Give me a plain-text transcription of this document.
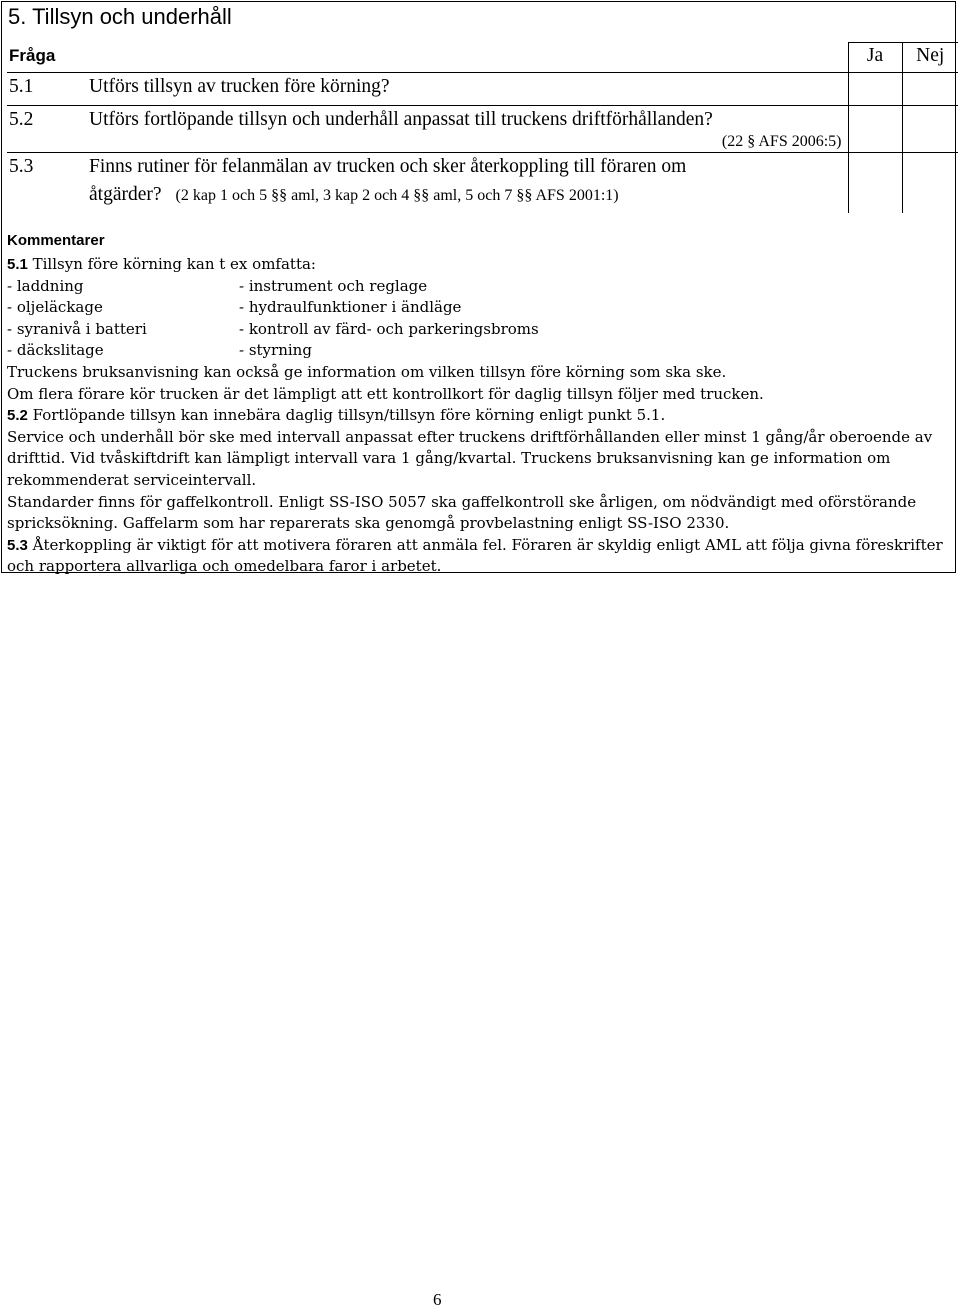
5. Tillsyn och underhåll
Fråga	Ja	Nej

5.1 Utförs tillsyn av trucken före körning?		

5.2 Utförs fortlöpande tillsyn och underhåll anpassat till truckens driftförhållanden?
(22 § AFS 2006:5)		

5.3 Finns rutiner för felanmälan av trucken och sker återkoppling till föraren om
åtgärder? (2 kap 1 och 5 §§ aml, 3 kap 2 och 4 §§ aml, 5 och 7 §§ AFS 2001:1)		

Kommentarer
5.1 Tillsyn före körning kan t ex omfatta:
- laddning	- instrument och reglage
- oljeläckage	- hydraulfunktioner i ändläge
- syranivå i batteri	- kontroll av färd- och parkeringsbroms
- däckslitage	- styrning
Truckens bruksanvisning kan också ge information om vilken tillsyn före körning som ska ske.
Om flera förare kör trucken är det lämpligt att ett kontrollkort för daglig tillsyn följer med trucken.
5.2 Fortlöpande tillsyn kan innebära daglig tillsyn/tillsyn före körning enligt punkt 5.1.
Service och underhåll bör ske med intervall anpassat efter truckens driftförhållanden eller minst 1 gång/år oberoende av drifttid. Vid tvåskiftdrift kan lämpligt intervall vara 1 gång/kvartal. Truckens bruksanvisning kan ge information om rekommenderat serviceintervall.
Standarder finns för gaffelkontroll. Enligt SS-ISO 5057 ska gaffelkontroll ske årligen, om nödvändigt med oförstörande spricksökning. Gaffelarm som har reparerats ska genomgå provbelastning enligt SS-ISO 2330.
5.3 Återkoppling är viktigt för att motivera föraren att anmäla fel. Föraren är skyldig enligt AML att följa givna föreskrifter och rapportera allvarliga och omedelbara faror i arbetet.
6
